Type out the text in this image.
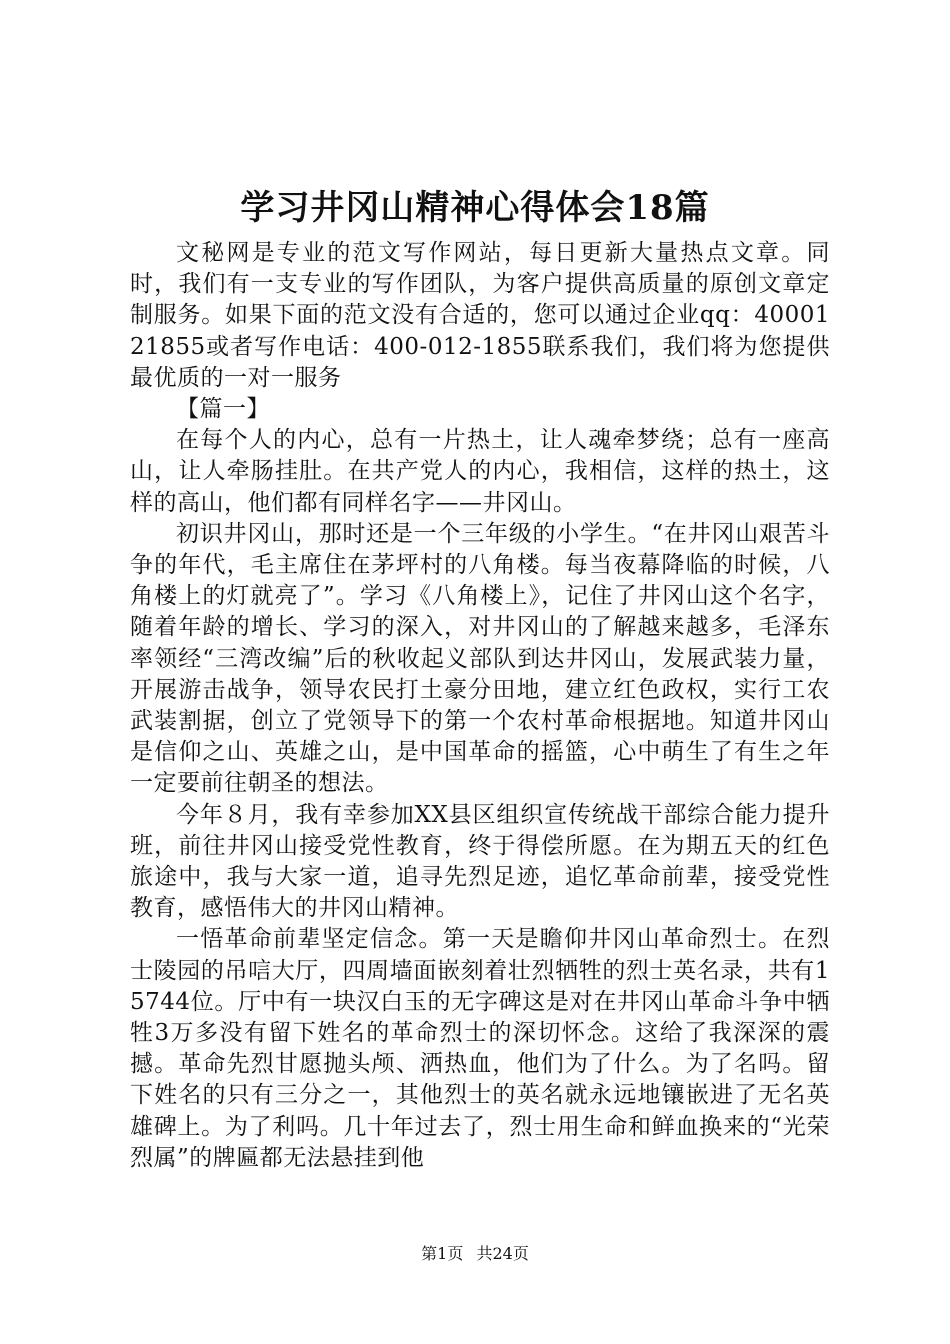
学习井冈山精神心得体会18篇

文秘网是专业的范文写作网站，每日更新大量热点文章。同时，我们有一支专业的写作团队，为客户提供高质量的原创文章定制服务。如果下面的范文没有合适的，您可以通过企业qq：4000121855或者写作电话：400-012-1855联系我们，我们将为您提供最优质的一对一服务

【篇一】

在每个人的内心，总有一片热土，让人魂牵梦绕；总有一座高山，让人牵肠挂肚。在共产党人的内心，我相信，这样的热土，这样的高山，他们都有同样名字——井冈山。

初识井冈山，那时还是一个三年级的小学生。“在井冈山艰苦斗争的年代，毛主席住在茅坪村的八角楼。每当夜幕降临的时候，八角楼上的灯就亮了”。学习《八角楼上》，记住了井冈山这个名字，随着年龄的增长、学习的深入，对井冈山的了解越来越多，毛泽东率领经“三湾改编”后的秋收起义部队到达井冈山，发展武装力量，开展游击战争，领导农民打土豪分田地，建立红色政权，实行工农武装割据，创立了党领导下的第一个农村革命根据地。知道井冈山是信仰之山、英雄之山，是中国革命的摇篮，心中萌生了有生之年一定要前往朝圣的想法。

今年８月，我有幸参加XX县区组织宣传统战干部综合能力提升班，前往井冈山接受党性教育，终于得偿所愿。在为期五天的红色旅途中，我与大家一道，追寻先烈足迹，追忆革命前辈，接受党性教育，感悟伟大的井冈山精神。

一悟革命前辈坚定信念。第一天是瞻仰井冈山革命烈士。在烈士陵园的吊唁大厅，四周墙面嵌刻着壮烈牺牲的烈士英名录，共有15744位。厅中有一块汉白玉的无字碑这是对在井冈山革命斗争中牺牲3万多没有留下姓名的革命烈士的深切怀念。这给了我深深的震撼。革命先烈甘愿抛头颅、洒热血，他们为了什么。为了名吗。留下姓名的只有三分之一，其他烈士的英名就永远地镶嵌进了无名英雄碑上。为了利吗。几十年过去了，烈士用生命和鲜血换来的“光荣烈属”的牌匾都无法悬挂到他

第1页 共24页
